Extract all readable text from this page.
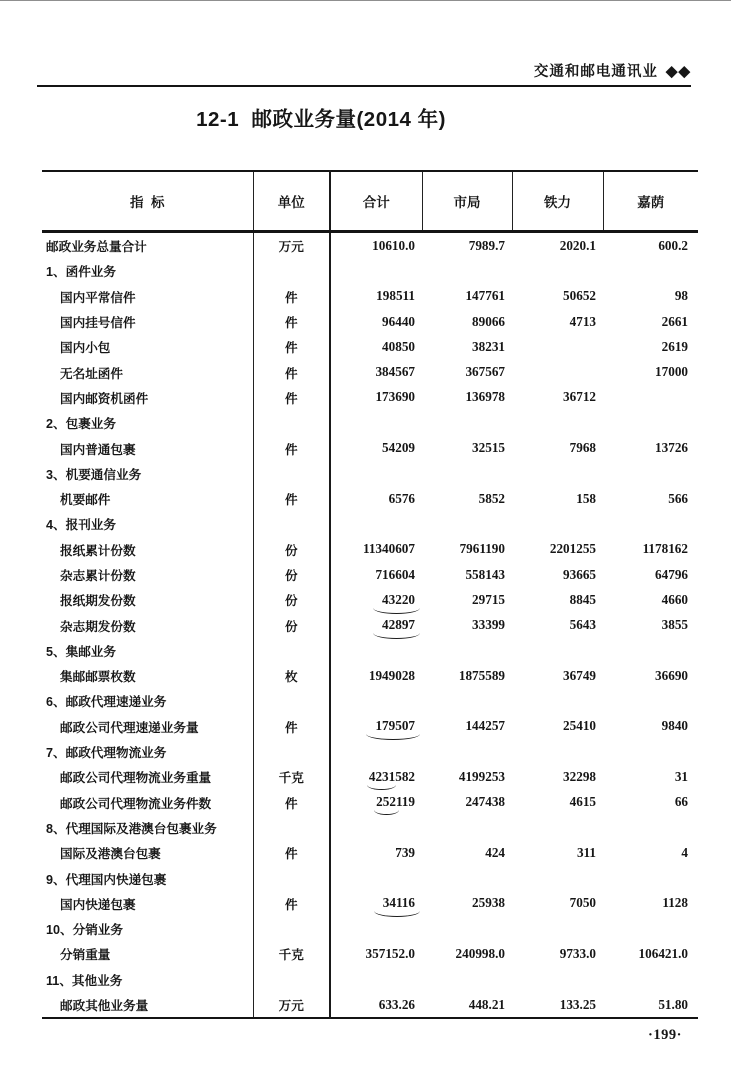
交通和邮电通讯业 ◆◆
12-1  邮政业务量(2014 年)
指  标	单位	合计	市局	铁力	嘉荫
邮政业务总量合计	万元	10610.0	7989.7	2020.1	600.2
1、函件业务					
国内平常信件	件	198511	147761	50652	98
国内挂号信件	件	96440	89066	4713	2661
国内小包	件	40850	38231		2619
无名址函件	件	384567	367567		17000
国内邮资机函件	件	173690	136978	36712	
2、包裹业务					
国内普通包裹	件	54209	32515	7968	13726
3、机要通信业务					
机要邮件	件	6576	5852	158	566
4、报刊业务					
报纸累计份数	份	11340607	7961190	2201255	1178162
杂志累计份数	份	716604	558143	93665	64796
报纸期发份数	份	43220	29715	8845	4660
杂志期发份数	份	42897	33399	5643	3855
5、集邮业务					
集邮邮票枚数	枚	1949028	1875589	36749	36690
6、邮政代理速递业务					
邮政公司代理速递业务量	件	179507	144257	25410	9840
7、邮政代理物流业务					
邮政公司代理物流业务重量	千克	4231582	4199253	32298	31
邮政公司代理物流业务件数	件	252119	247438	4615	66
8、代理国际及港澳台包裹业务					
国际及港澳台包裹	件	739	424	311	4
9、代理国内快递包裹					
国内快递包裹	件	34116	25938	7050	1128
10、分销业务					
分销重量	千克	357152.0	240998.0	9733.0	106421.0
11、其他业务					
邮政其他业务量	万元	633.26	448.21	133.25	51.80
·199·
